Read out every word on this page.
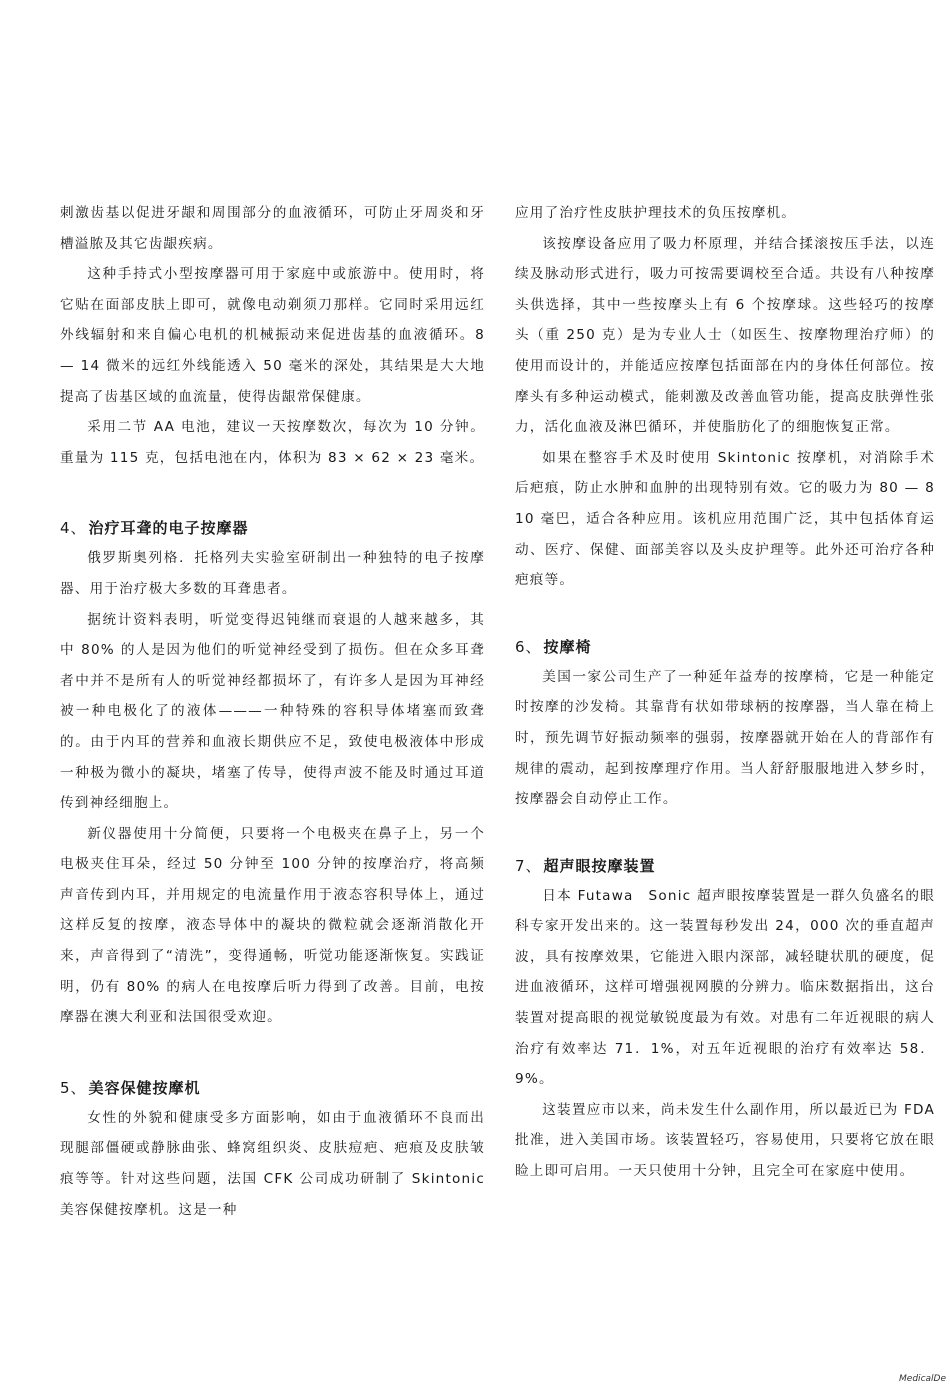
刺激齿基以促进牙龈和周围部分的血液循环，可防止牙周炎和牙槽溢脓及其它齿龈疾病。

这种手持式小型按摩器可用于家庭中或旅游中。使用时，将它贴在面部皮肤上即可，就像电动剃须刀那样。它同时采用远红外线辐射和来自偏心电机的机械振动来促进齿基的血液循环。8 — 14 微米的远红外线能透入 50 毫米的深处，其结果是大大地提高了齿基区域的血流量，使得齿龈常保健康。

采用二节 AA 电池，建议一天按摩数次，每次为 10 分钟。重量为 115 克，包括电池在内，体积为 83 × 62 × 23 毫米。

4、 治疗耳聋的电子按摩器

俄罗斯奥列格．托格列夫实验室研制出一种独特的电子按摩器、用于治疗极大多数的耳聋患者。

据统计资料表明，听觉变得迟钝继而衰退的人越来越多，其中 80% 的人是因为他们的听觉神经受到了损伤。但在众多耳聋者中并不是所有人的听觉神经都损坏了，有许多人是因为耳神经被一种电极化了的液体———一种特殊的容积导体堵塞而致聋的。由于内耳的营养和血液长期供应不足，致使电极液体中形成一种极为微小的凝块，堵塞了传导，使得声波不能及时通过耳道传到神经细胞上。

新仪器使用十分简便，只要将一个电极夹在鼻子上，另一个电极夹住耳朵，经过 50 分钟至 100 分钟的按摩治疗，将高频声音传到内耳，并用规定的电流量作用于液态容积导体上，通过这样反复的按摩，液态导体中的凝块的微粒就会逐渐消散化开来，声音得到了“清洗”，变得通畅，听觉功能逐渐恢复。实践证明，仍有 80% 的病人在电按摩后听力得到了改善。目前，电按摩器在澳大利亚和法国很受欢迎。

5、 美容保健按摩机

女性的外貌和健康受多方面影响，如由于血液循环不良而出现腿部僵硬或静脉曲张、蜂窝组织炎、皮肤痘疤、疤痕及皮肤皱痕等等。针对这些问题，法国 CFK 公司成功研制了 Skintonic 美容保健按摩机。这是一种

应用了治疗性皮肤护理技术的负压按摩机。

该按摩设备应用了吸力杯原理，并结合揉滚按压手法，以连续及脉动形式进行，吸力可按需要调校至合适。共设有八种按摩头供选择，其中一些按摩头上有 6 个按摩球。这些轻巧的按摩头（重 250 克）是为专业人士（如医生、按摩物理治疗师）的使用而设计的，并能适应按摩包括面部在内的身体任何部位。按摩头有多种运动模式，能刺激及改善血管功能，提高皮肤弹性张力，活化血液及淋巴循环，并使脂肪化了的细胞恢复正常。

如果在整容手术及时使用 Skintonic 按摩机，对消除手术后疤痕，防止水肿和血肿的出现特别有效。它的吸力为 80 — 810 毫巴，适合各种应用。该机应用范围广泛，其中包括体育运动、医疗、保健、面部美容以及头皮护理等。此外还可治疗各种疤痕等。

6、 按摩椅

美国一家公司生产了一种延年益寿的按摩椅，它是一种能定时按摩的沙发椅。其靠背有状如带球柄的按摩器，当人靠在椅上时，预先调节好振动频率的强弱，按摩器就开始在人的背部作有规律的震动，起到按摩理疗作用。当人舒舒服服地进入梦乡时，按摩器会自动停止工作。

7、 超声眼按摩装置

日本 Futawa　Sonic 超声眼按摩装置是一群久负盛名的眼科专家开发出来的。这一装置每秒发出 24，000 次的垂直超声波，具有按摩效果，它能进入眼内深部，减轻睫状肌的硬度，促进血液循环，这样可增强视网膜的分辨力。临床数据指出，这台装置对提高眼的视觉敏锐度最为有效。对患有二年近视眼的病人治疗有效率达 71．1%，对五年近视眼的治疗有效率达 58．9%。

这装置应市以来，尚未发生什么副作用，所以最近已为 FDA 批准，进入美国市场。该装置轻巧，容易使用，只要将它放在眼睑上即可启用。一天只使用十分钟，且完全可在家庭中使用。

MedicalDe
